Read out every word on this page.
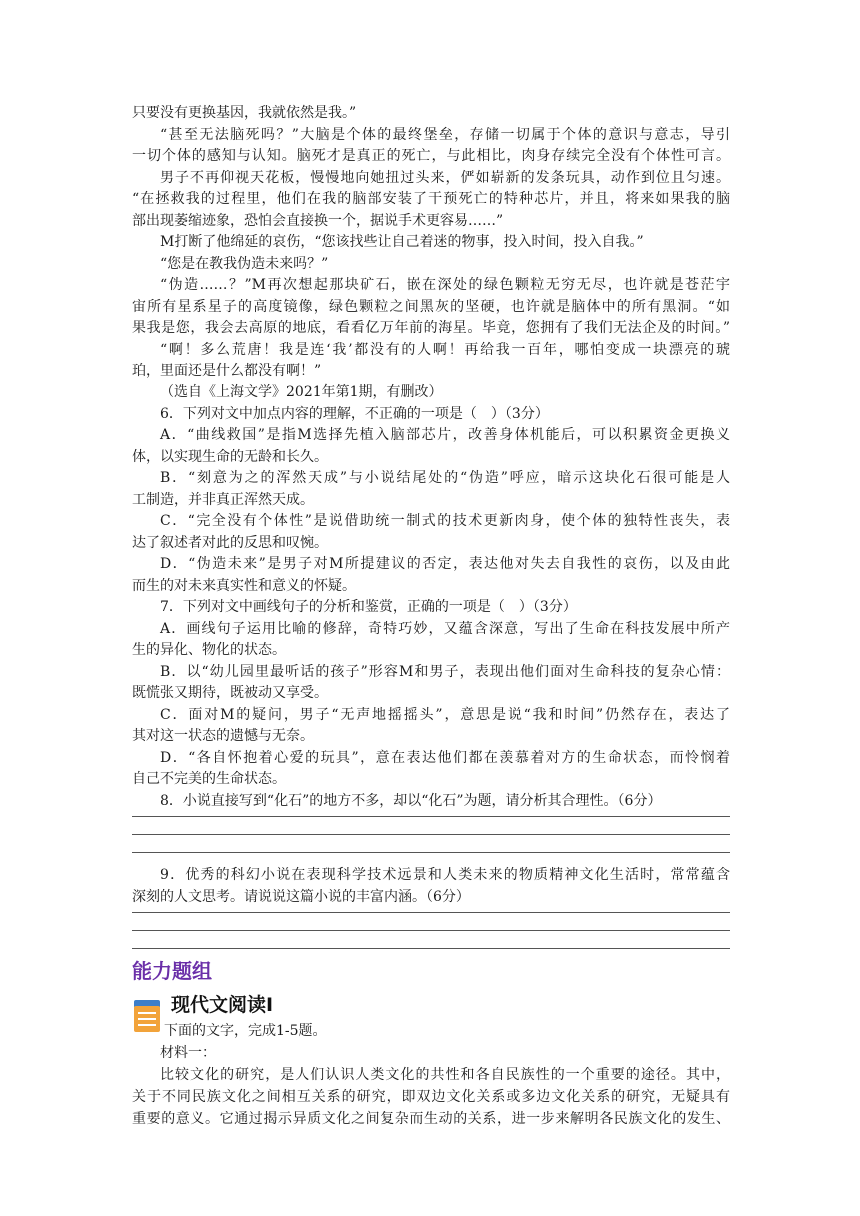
只要没有更换基因，我就依然是我。”
“甚至无法脑死吗？”大脑是个体的最终堡垒，存储一切属于个体的意识与意志，导引
一切个体的感知与认知。脑死才是真正的死亡，与此相比，肉身存续完全没有个体性可言。
男子不再仰视天花板，慢慢地向她扭过头来，俨如崭新的发条玩具，动作到位且匀速。
“在拯救我的过程里，他们在我的脑部安装了干预死亡的特种芯片，并且，将来如果我的脑
部出现萎缩迹象，恐怕会直接换一个，据说手术更容易……”
M打断了他绵延的哀伤，“您该找些让自己着迷的物事，投入时间，投入自我。”
“您是在教我伪造未来吗？”
“伪造……？”M再次想起那块矿石，嵌在深处的绿色颗粒无穷无尽，也许就是苍茫宇
宙所有星系星子的高度镜像，绿色颗粒之间黑灰的坚硬，也许就是脑体中的所有黑洞。“如
果我是您，我会去高原的地底，看看亿万年前的海星。毕竟，您拥有了我们无法企及的时间。”
“啊！多么荒唐！我是连‘我’都没有的人啊！再给我一百年，哪怕变成一块漂亮的琥
珀，里面还是什么都没有啊！”
（选自《上海文学》2021年第1期，有删改）
6．下列对文中加点内容的理解，不正确的一项是（　）（3分）
A．“曲线救国”是指M选择先植入脑部芯片，改善身体机能后，可以积累资金更换义
体，以实现生命的无龄和长久。
B．“刻意为之的浑然天成”与小说结尾处的“伪造”呼应，暗示这块化石很可能是人
工制造，并非真正浑然天成。
C．“完全没有个体性”是说借助统一制式的技术更新肉身，使个体的独特性丧失，表
达了叙述者对此的反思和叹惋。
D．“伪造未来”是男子对M所提建议的否定，表达他对失去自我性的哀伤，以及由此
而生的对未来真实性和意义的怀疑。
7．下列对文中画线句子的分析和鉴赏，正确的一项是（　）（3分）
A．画线句子运用比喻的修辞，奇特巧妙，又蕴含深意，写出了生命在科技发展中所产
生的异化、物化的状态。
B．以“幼儿园里最听话的孩子”形容M和男子，表现出他们面对生命科技的复杂心情：
既慌张又期待，既被动又享受。
C．面对M的疑问，男子“无声地摇摇头”，意思是说“我和时间”仍然存在，表达了
其对这一状态的遗憾与无奈。
D．“各自怀抱着心爱的玩具”，意在表达他们都在羡慕着对方的生命状态，而怜悯着
自己不完美的生命状态。
8．小说直接写到“化石”的地方不多，却以“化石”为题，请分析其合理性。（6分）
9．优秀的科幻小说在表现科学技术远景和人类未来的物质精神文化生活时，常常蕴含
深刻的人文思考。请说说这篇小说的丰富内涵。（6分）
能力题组
现代文阅读Ⅰ
下面的文字，完成1-5题。
材料一：
比较文化的研究，是人们认识人类文化的共性和各自民族性的一个重要的途径。其中，
关于不同民族文化之间相互关系的研究，即双边文化关系或多边文化关系的研究，无疑具有
重要的意义。它通过揭示异质文化之间复杂而生动的关系，进一步来解明各民族文化的发生、
